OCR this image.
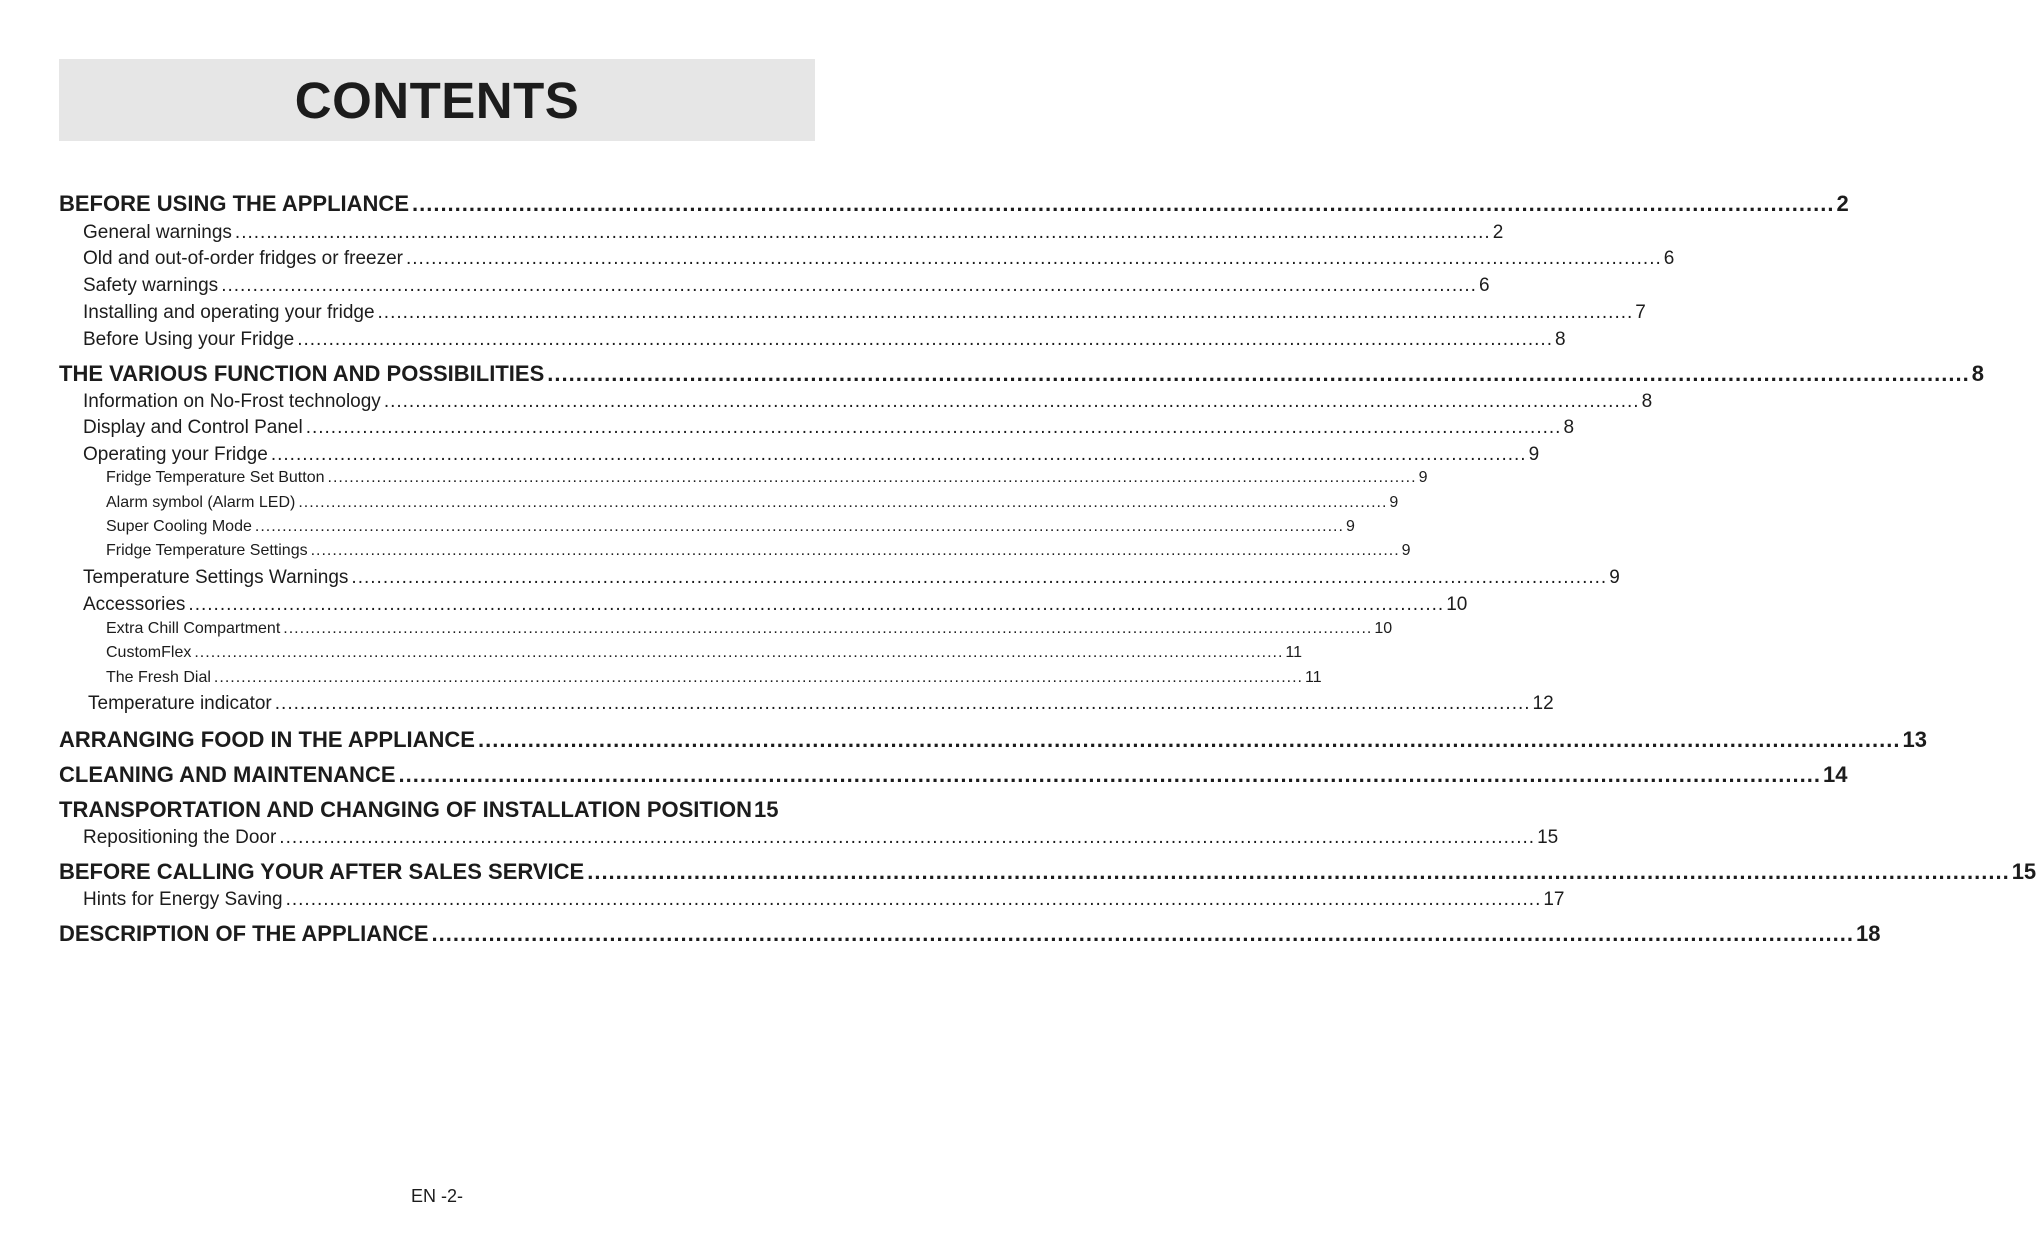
CONTENTS
BEFORE USING THE APPLIANCE ........................................................................................................................................................................................................ 2
General warnings ........................................................................................................................................................................................................ 2
Old and out-of-order fridges or freezer ........................................................................................................................................................................................................ 6
Safety warnings ........................................................................................................................................................................................................ 6
Installing and operating your fridge ........................................................................................................................................................................................................ 7
Before Using your Fridge ........................................................................................................................................................................................................ 8
THE VARIOUS FUNCTION AND POSSIBILITIES ........................................................................................................................................................................................................ 8
Information on No-Frost technology ........................................................................................................................................................................................................ 8
Display and Control Panel ........................................................................................................................................................................................................ 8
Operating your Fridge ........................................................................................................................................................................................................ 9
Fridge Temperature Set Button ........................................................................................................................................................................................................ 9
Alarm symbol (Alarm LED) ........................................................................................................................................................................................................ 9
Super Cooling Mode ........................................................................................................................................................................................................ 9
Fridge Temperature Settings ........................................................................................................................................................................................................ 9
Temperature Settings Warnings ........................................................................................................................................................................................................ 9
Accessories ........................................................................................................................................................................................................ 10
Extra Chill Compartment ........................................................................................................................................................................................................ 10
CustomFlex ........................................................................................................................................................................................................ 11
The Fresh Dial ........................................................................................................................................................................................................ 11
Temperature indicator ........................................................................................................................................................................................................ 12
ARRANGING FOOD IN THE APPLIANCE ........................................................................................................................................................................................................ 13
CLEANING AND MAINTENANCE ........................................................................................................................................................................................................ 14
TRANSPORTATION AND CHANGING OF INSTALLATION POSITION 15
Repositioning the Door ........................................................................................................................................................................................................ 15
BEFORE CALLING YOUR AFTER SALES SERVICE ........................................................................................................................................................................................................ 15
Hints for Energy Saving ........................................................................................................................................................................................................ 17
DESCRIPTION OF THE APPLIANCE ........................................................................................................................................................................................................ 18
EN -2-
